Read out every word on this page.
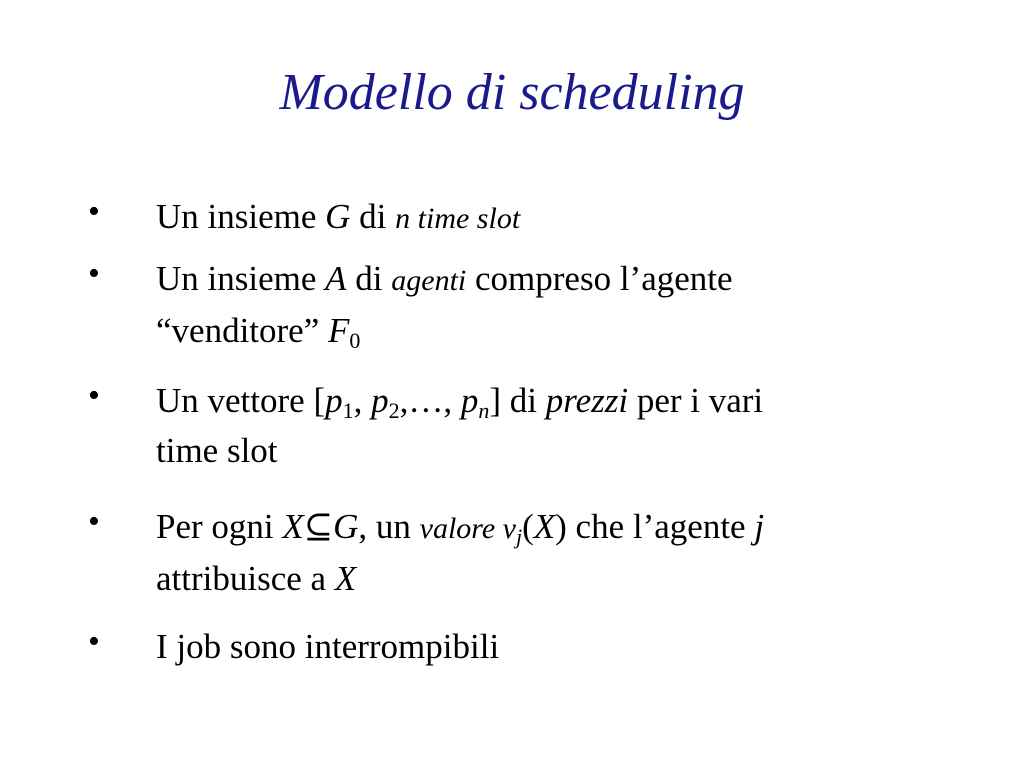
Modello di scheduling
• Un insieme G di n time slot
• Un insieme A di agenti compreso l’agente
“venditore” $F_0$
• Un vettore [$p_1$, $p_2,\dots$, $p_n$] di prezzi per i vari
time slot
• Per ogni X⊆G, un valore $v_j(X)$ che l’agente j
attribuisce a X
• I job sono interrompibili
